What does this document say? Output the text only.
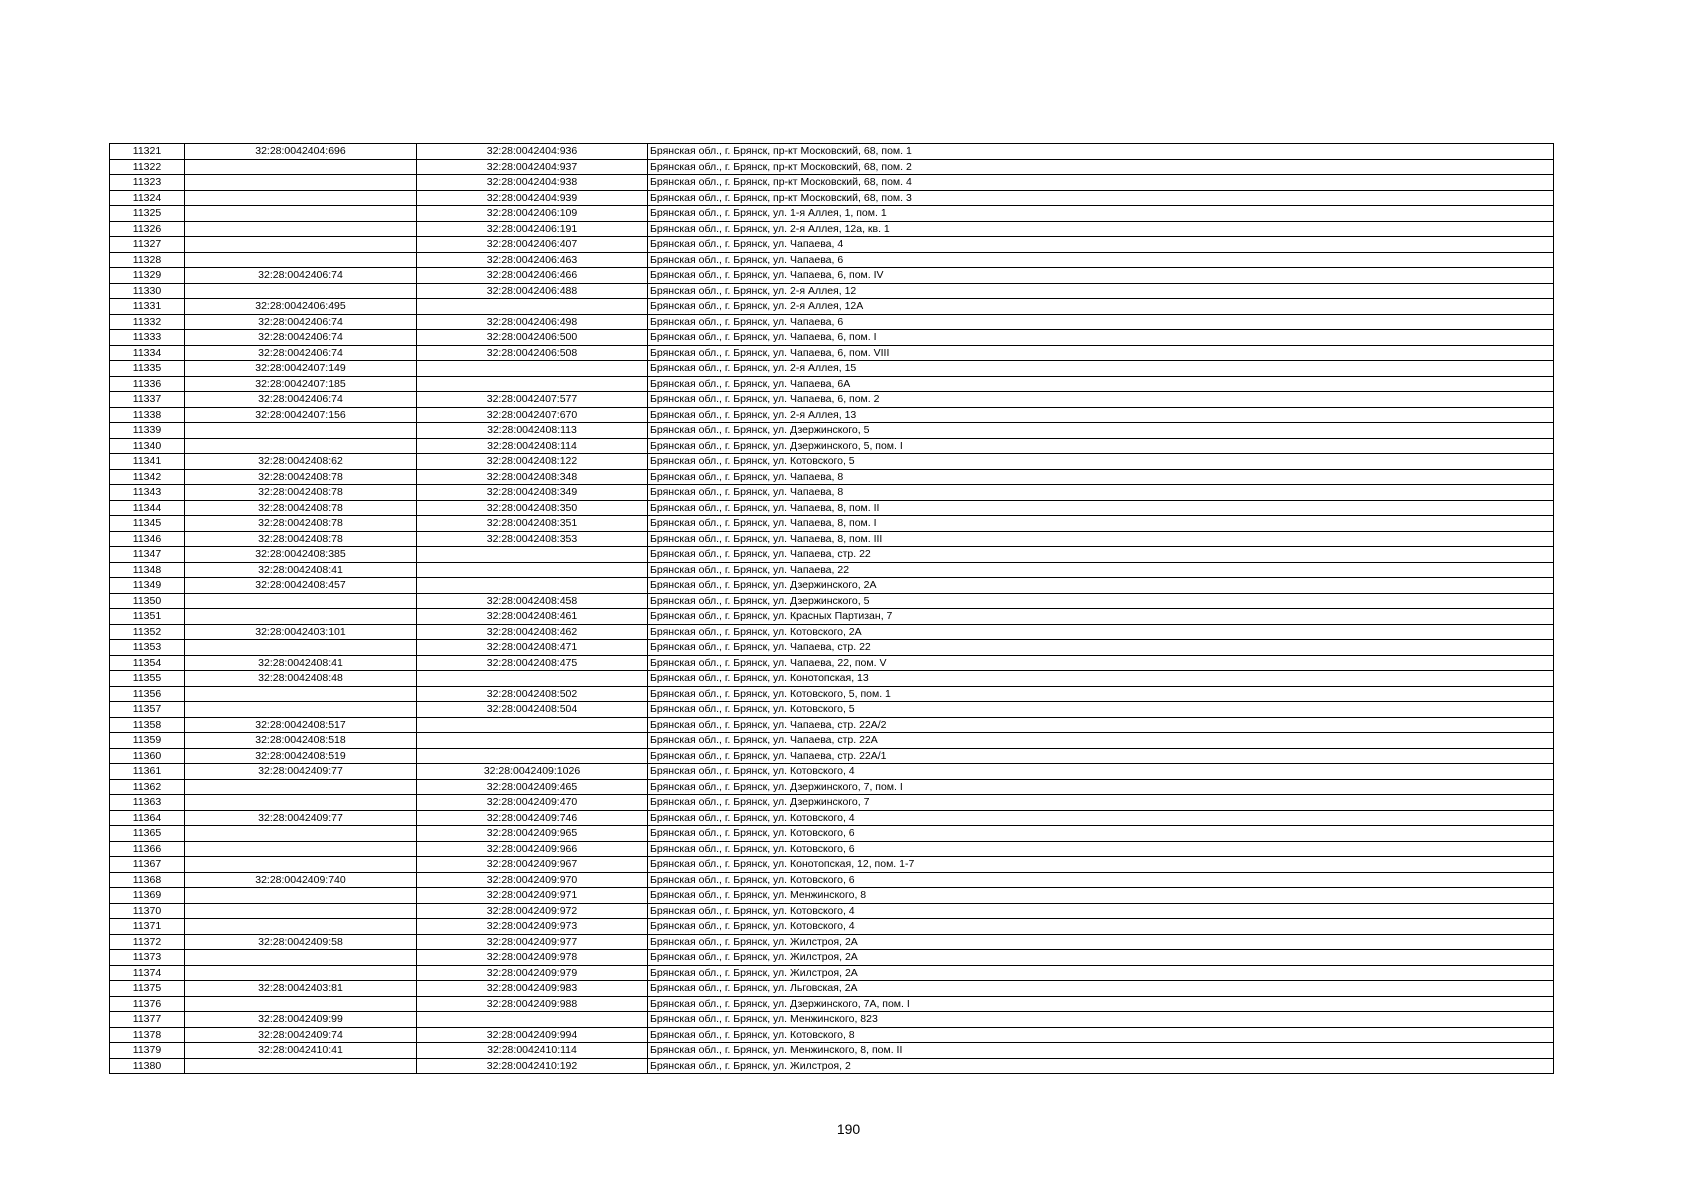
11321	32:28:0042404:696	32:28:0042404:936	Брянская обл., г. Брянск, пр-кт Московский, 68, пом. 1
11322		32:28:0042404:937	Брянская обл., г. Брянск, пр-кт Московский, 68, пом. 2
11323		32:28:0042404:938	Брянская обл., г. Брянск, пр-кт Московский, 68, пом. 4
11324		32:28:0042404:939	Брянская обл., г. Брянск, пр-кт Московский, 68, пом. 3
11325		32:28:0042406:109	Брянская обл., г. Брянск, ул. 1-я Аллея, 1, пом. 1
11326		32:28:0042406:191	Брянская обл., г. Брянск, ул. 2-я Аллея, 12а, кв. 1
11327		32:28:0042406:407	Брянская обл., г. Брянск, ул. Чапаева, 4
11328		32:28:0042406:463	Брянская обл., г. Брянск, ул. Чапаева, 6
11329	32:28:0042406:74	32:28:0042406:466	Брянская обл., г. Брянск, ул. Чапаева, 6, пом. IV
11330		32:28:0042406:488	Брянская обл., г. Брянск, ул. 2-я Аллея, 12
11331	32:28:0042406:495		Брянская обл., г. Брянск, ул. 2-я Аллея, 12А
11332	32:28:0042406:74	32:28:0042406:498	Брянская обл., г. Брянск, ул. Чапаева, 6
11333	32:28:0042406:74	32:28:0042406:500	Брянская обл., г. Брянск, ул. Чапаева, 6, пом. I
11334	32:28:0042406:74	32:28:0042406:508	Брянская обл., г. Брянск, ул. Чапаева, 6, пом. VIII
11335	32:28:0042407:149		Брянская обл., г. Брянск, ул. 2-я Аллея, 15
11336	32:28:0042407:185		Брянская обл., г. Брянск, ул. Чапаева, 6А
11337	32:28:0042406:74	32:28:0042407:577	Брянская обл., г. Брянск, ул. Чапаева, 6, пом. 2
11338	32:28:0042407:156	32:28:0042407:670	Брянская обл., г. Брянск, ул. 2-я Аллея, 13
11339		32:28:0042408:113	Брянская обл., г. Брянск, ул. Дзержинского, 5
11340		32:28:0042408:114	Брянская обл., г. Брянск, ул. Дзержинского, 5, пом. I
11341	32:28:0042408:62	32:28:0042408:122	Брянская обл., г. Брянск, ул. Котовского, 5
11342	32:28:0042408:78	32:28:0042408:348	Брянская обл., г. Брянск, ул. Чапаева, 8
11343	32:28:0042408:78	32:28:0042408:349	Брянская обл., г. Брянск, ул. Чапаева, 8
11344	32:28:0042408:78	32:28:0042408:350	Брянская обл., г. Брянск, ул. Чапаева, 8, пом. II
11345	32:28:0042408:78	32:28:0042408:351	Брянская обл., г. Брянск, ул. Чапаева, 8, пом. I
11346	32:28:0042408:78	32:28:0042408:353	Брянская обл., г. Брянск, ул. Чапаева, 8, пом. III
11347	32:28:0042408:385		Брянская обл., г. Брянск, ул. Чапаева, стр. 22
11348	32:28:0042408:41		Брянская обл., г. Брянск, ул. Чапаева, 22
11349	32:28:0042408:457		Брянская обл., г. Брянск, ул. Дзержинского, 2А
11350		32:28:0042408:458	Брянская обл., г. Брянск, ул. Дзержинского, 5
11351		32:28:0042408:461	Брянская обл., г. Брянск, ул. Красных Партизан, 7
11352	32:28:0042403:101	32:28:0042408:462	Брянская обл., г. Брянск, ул. Котовского, 2А
11353		32:28:0042408:471	Брянская обл., г. Брянск, ул. Чапаева, стр. 22
11354	32:28:0042408:41	32:28:0042408:475	Брянская обл., г. Брянск, ул. Чапаева, 22, пом. V
11355	32:28:0042408:48		Брянская обл., г. Брянск, ул. Конотопская, 13
11356		32:28:0042408:502	Брянская обл., г. Брянск, ул. Котовского, 5, пом. 1
11357		32:28:0042408:504	Брянская обл., г. Брянск, ул. Котовского, 5
11358	32:28:0042408:517		Брянская обл., г. Брянск, ул. Чапаева, стр. 22А/2
11359	32:28:0042408:518		Брянская обл., г. Брянск, ул. Чапаева, стр. 22А
11360	32:28:0042408:519		Брянская обл., г. Брянск, ул. Чапаева, стр. 22А/1
11361	32:28:0042409:77	32:28:0042409:1026	Брянская обл., г. Брянск, ул. Котовского, 4
11362		32:28:0042409:465	Брянская обл., г. Брянск, ул. Дзержинского, 7, пом. I
11363		32:28:0042409:470	Брянская обл., г. Брянск, ул. Дзержинского, 7
11364	32:28:0042409:77	32:28:0042409:746	Брянская обл., г. Брянск, ул. Котовского, 4
11365		32:28:0042409:965	Брянская обл., г. Брянск, ул. Котовского, 6
11366		32:28:0042409:966	Брянская обл., г. Брянск, ул. Котовского, 6
11367		32:28:0042409:967	Брянская обл., г. Брянск, ул. Конотопская, 12, пом. 1-7
11368	32:28:0042409:740	32:28:0042409:970	Брянская обл., г. Брянск, ул. Котовского, 6
11369		32:28:0042409:971	Брянская обл., г. Брянск, ул. Менжинского, 8
11370		32:28:0042409:972	Брянская обл., г. Брянск, ул. Котовского, 4
11371		32:28:0042409:973	Брянская обл., г. Брянск, ул. Котовского, 4
11372	32:28:0042409:58	32:28:0042409:977	Брянская обл., г. Брянск, ул. Жилстроя, 2А
11373		32:28:0042409:978	Брянская обл., г. Брянск, ул. Жилстроя, 2А
11374		32:28:0042409:979	Брянская обл., г. Брянск, ул. Жилстроя, 2А
11375	32:28:0042403:81	32:28:0042409:983	Брянская обл., г. Брянск, ул. Льговская, 2А
11376		32:28:0042409:988	Брянская обл., г. Брянск, ул. Дзержинского, 7А, пом. I
11377	32:28:0042409:99		Брянская обл., г. Брянск, ул. Менжинского, 823
11378	32:28:0042409:74	32:28:0042409:994	Брянская обл., г. Брянск, ул. Котовского, 8
11379	32:28:0042410:41	32:28:0042410:114	Брянская обл., г. Брянск, ул. Менжинского, 8, пом. II
11380		32:28:0042410:192	Брянская обл., г. Брянск, ул. Жилстроя, 2
190
